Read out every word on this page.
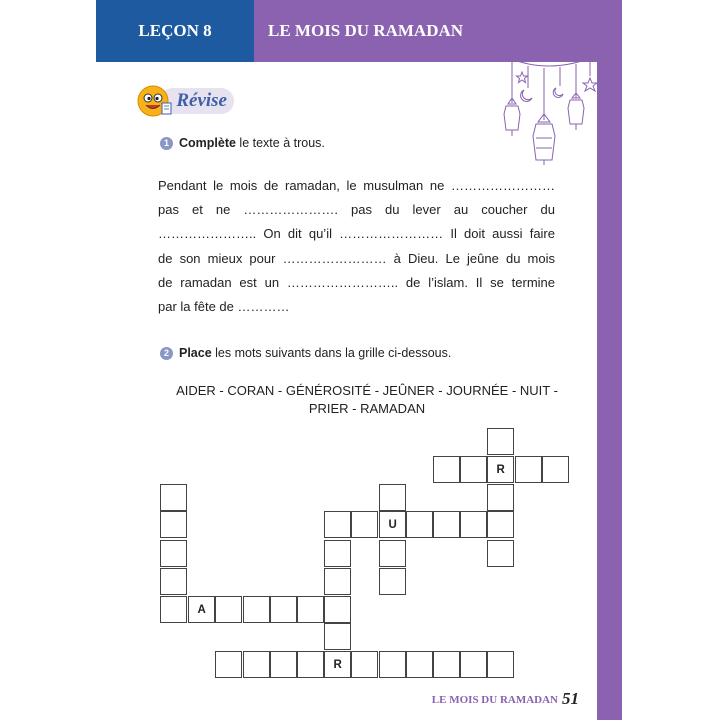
LEÇON 8	LE MOIS DU RAMADAN
Révise
1 Complète le texte à trous.
Pendant le mois de ramadan, le musulman ne ……………………
pas et ne …………………. pas du lever au coucher du
………………….. On dit qu’il …………………… Il doit aussi faire
de son mieux pour …………………… à Dieu. Le jeûne du mois
de ramadan est un …………………….. de l’islam. Il se termine
par la fête de …………
2 Place les mots suivants dans la grille ci-dessous.
AIDER - CORAN - GÉNÉROSITÉ - JEÛNER - JOURNÉE - NUIT -
PRIER - RAMADAN
R
U
R
A
LE MOIS DU RAMADAN 51
